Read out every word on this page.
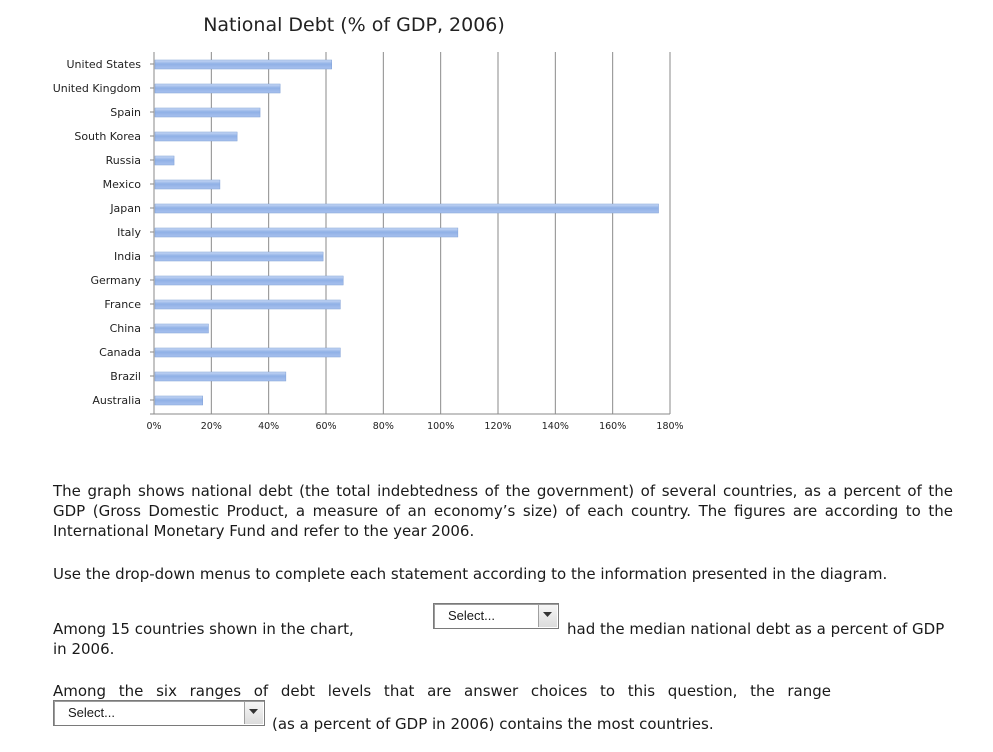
National Debt (% of GDP, 2006)
United States
United Kingdom
Spain
South Korea
Russia
Mexico
Japan
Italy
India
Germany
France
China
Canada
Brazil
Australia
0%	20%	40%	60%	80%	100%	120%	140%	160%	180%

The graph shows national debt (the total indebtedness of the government) of several countries, as a percent of the GDP (Gross Domestic Product, a measure of an economy’s size) of each country. The figures are according to the International Monetary Fund and refer to the year 2006.

Use the drop-down menus to complete each statement according to the information presented in the diagram.

Among 15 countries shown in the chart,
Select...
had the median national debt as a percent of GDP
in 2006.

Among the six ranges of debt levels that are answer choices to this question, the range

Select...
(as a percent of GDP in 2006) contains the most countries.
